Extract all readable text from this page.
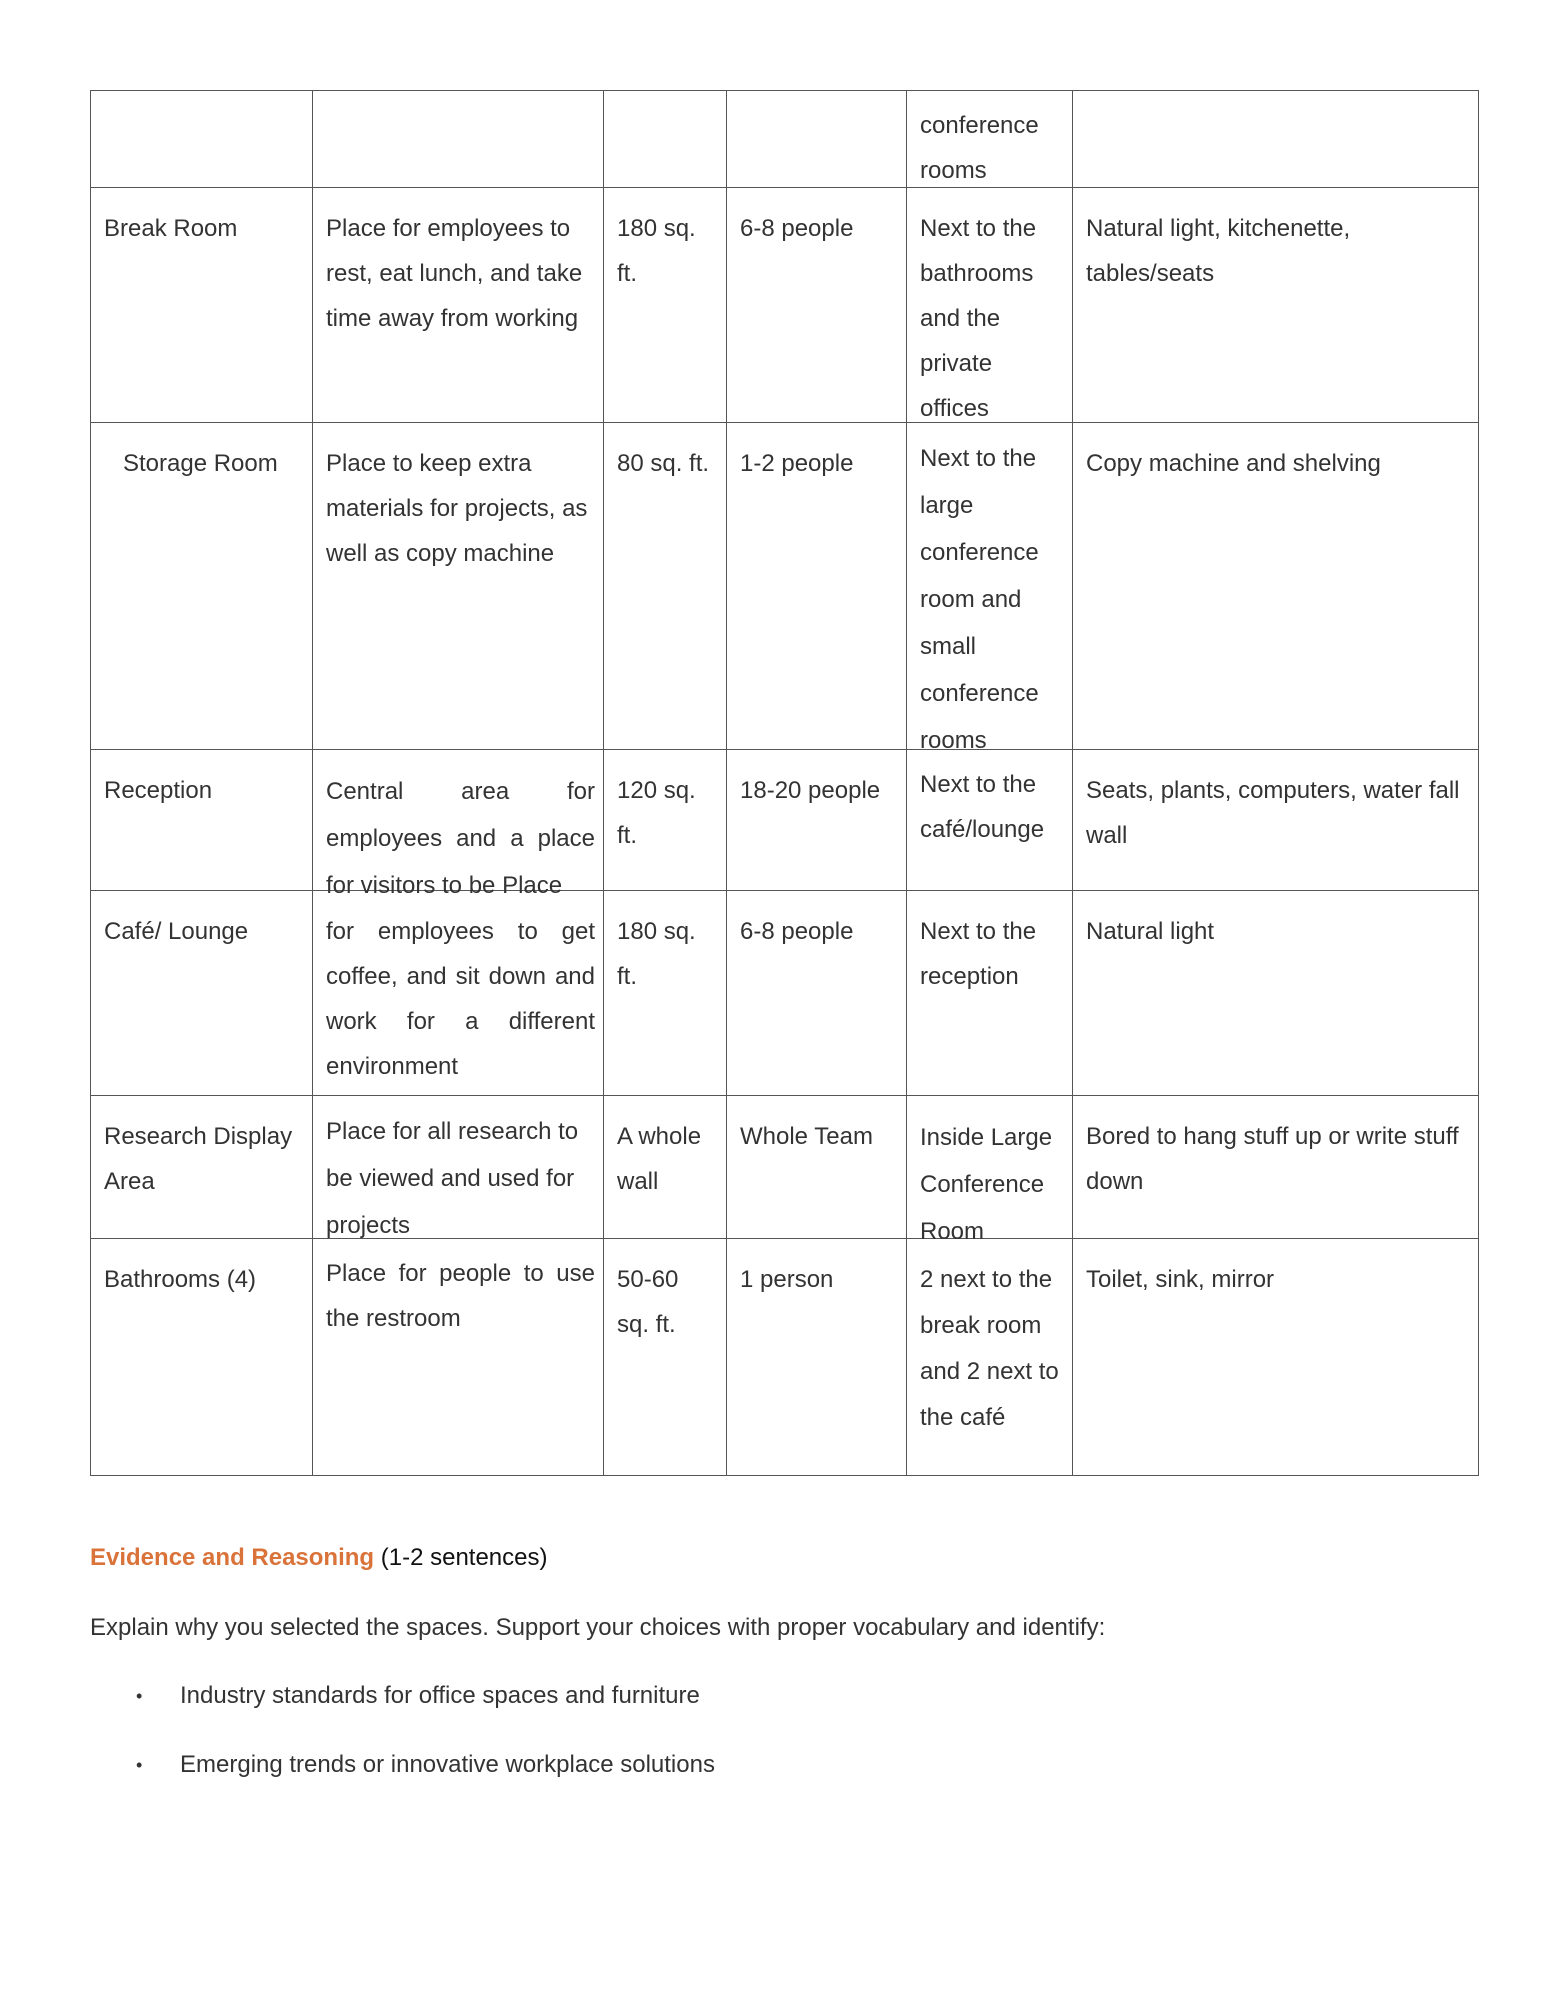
				conference rooms	

Break Room	Place for employees to rest, eat lunch, and take time away from working	180 sq. ft.	6-8 people	Next to the bathrooms and the private offices	Natural light, kitchenette, tables/seats

Storage Room	Place to keep extra materials for projects, as well as copy machine	80 sq. ft.	1-2 people	Next to the large conference room and small conference rooms	Copy machine and shelving

Reception	Central area for employees and a place for visitors to be Place	120 sq. ft.	18-20 people	Next to the café/lounge	Seats, plants, computers, water fall wall

Café/ Lounge	for employees to get coffee, and sit down and work for a different environment	180 sq. ft.	6-8 people	Next to the reception	Natural light

Research Display Area	Place for all research to be viewed and used for projects	A whole wall	Whole Team	Inside Large Conference Room	Bored to hang stuff up or write stuff down

Bathrooms (4)	Place for people to use the restroom	50-60 sq. ft.	1 person	2 next to the break room and 2 next to the café	Toilet, sink, mirror
Evidence and Reasoning (1-2 sentences)
Explain why you selected the spaces. Support your choices with proper vocabulary and identify:
• Industry standards for office spaces and furniture
• Emerging trends or innovative workplace solutions
